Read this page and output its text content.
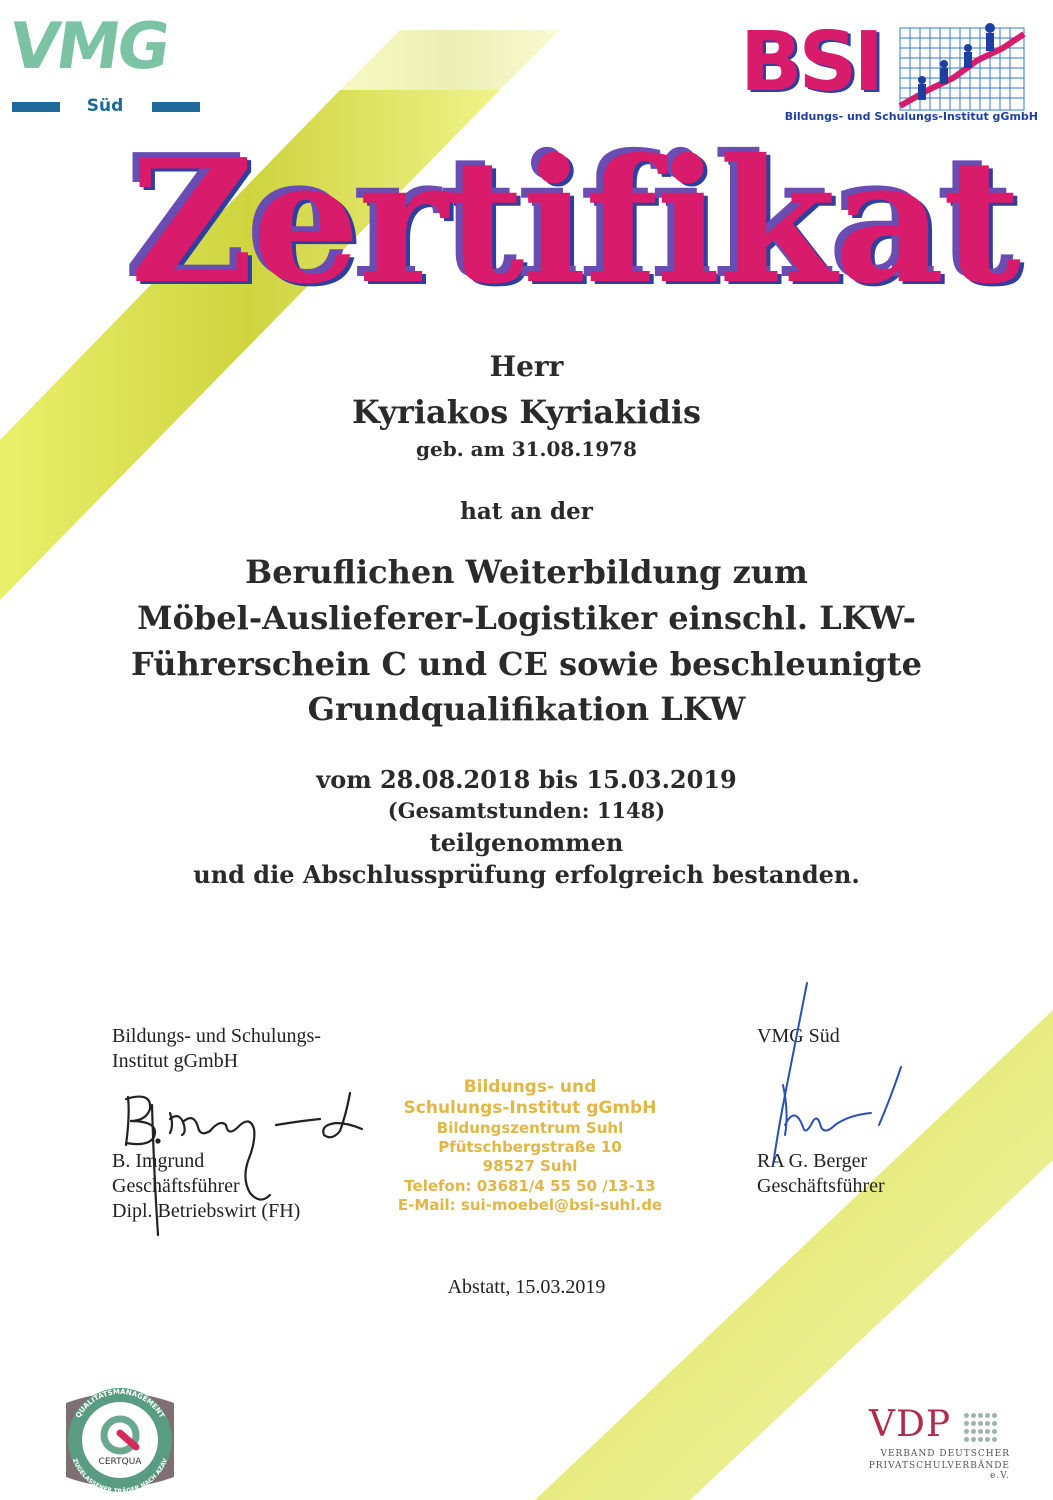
VMG
Süd	BSI
Bildungs- und Schulungs-Institut gGmbH
Zertifikat
Herr
Kyriakos Kyriakidis
geb. am 31.08.1978
hat an der
Beruflichen Weiterbildung zum
Möbel-Auslieferer-Logistiker einschl. LKW-
Führerschein C und CE sowie beschleunigte
Grundqualifikation LKW
vom 28.08.2018 bis 15.03.2019
(Gesamtstunden: 1148)
teilgenommen
und die Abschlussprüfung erfolgreich bestanden.
Bildungs- und Schulungs-
Institut gGmbH
B. Imgrund
Geschäftsführer
Dipl. Betriebswirt (FH)
Bildungs- und
Schulungs-Institut gGmbH
Bildungszentrum Suhl
Pfütschbergstraße 10
98527 Suhl
Telefon: 03681/4 55 50 /13-13
E-Mail: sui-moebel@bsi-suhl.de
VMG Süd
RA G. Berger
Geschäftsführer
Abstatt, 15.03.2019
QUALITÄTSMANAGEMENT
ZUGELASSENER TRÄGER NACH AZAV
CERTQUA
VDP

VERBAND DEUTSCHER
PRIVATSCHULVERBÄNDE e.V.
